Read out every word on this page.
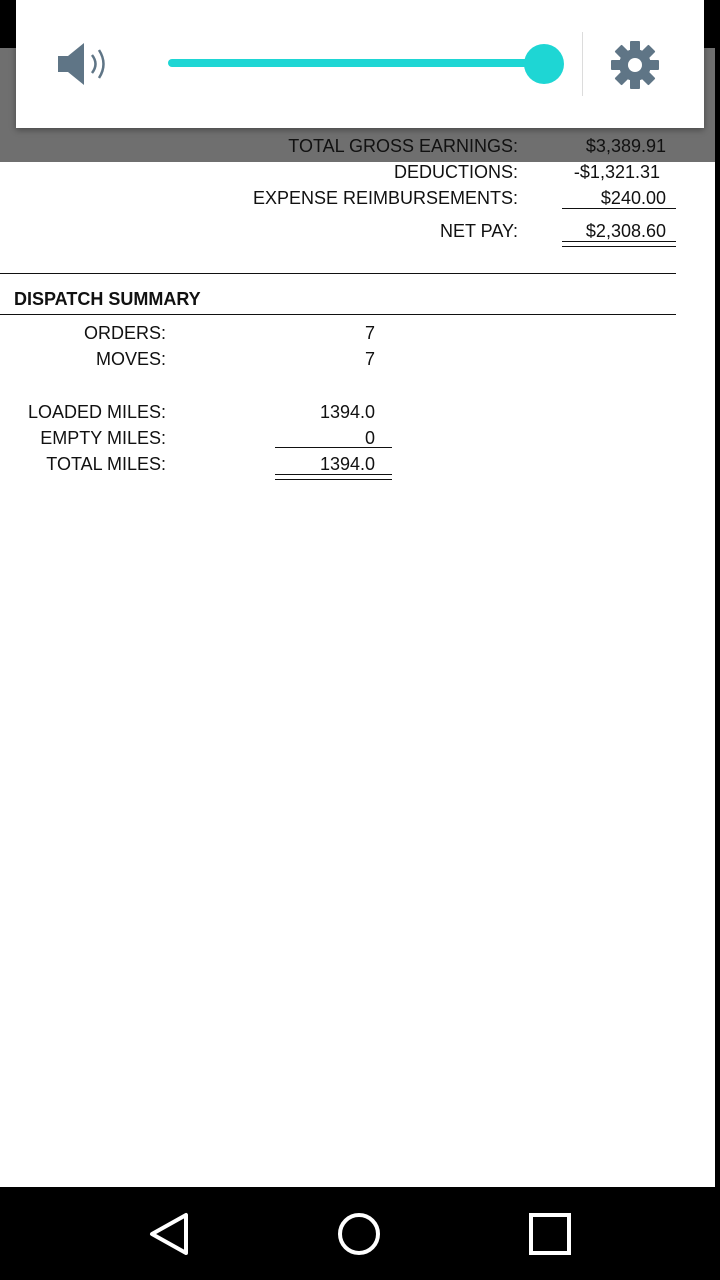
TOTAL GROSS EARNINGS:	$3,389.91
DEDUCTIONS:	-$1,321.31
EXPENSE REIMBURSEMENTS:	$240.00
NET PAY:	$2,308.60
DISPATCH SUMMARY
ORDERS:	7
MOVES:	7
LOADED MILES:	1394.0
EMPTY MILES:	0
TOTAL MILES:	1394.0
